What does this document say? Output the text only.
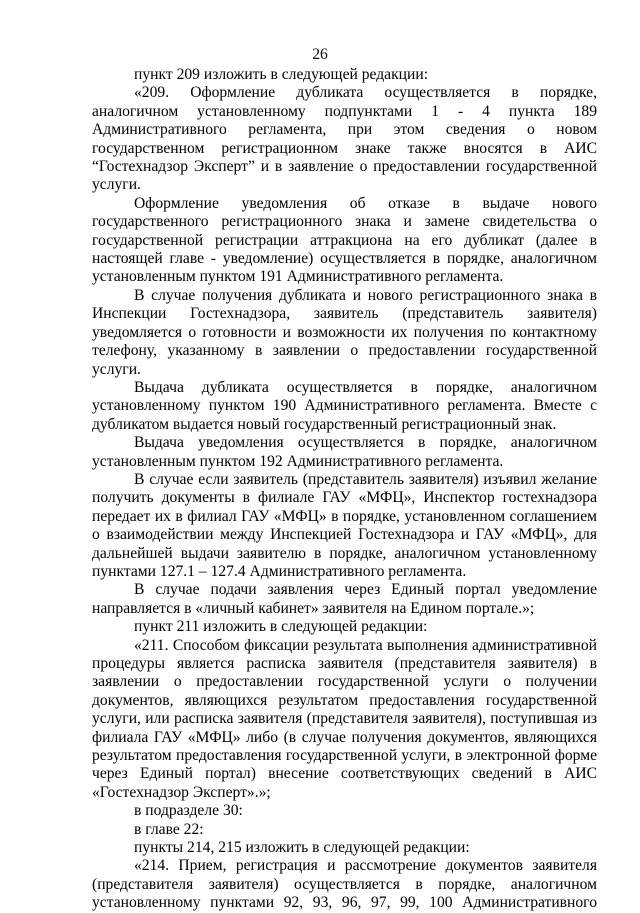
26

пункт 209 изложить в следующей редакции:

«209. Оформление дубликата осуществляется в порядке, аналогичном установленному подпунктами 1 - 4 пункта 189 Административного регламента, при этом сведения о новом государственном регистрационном знаке также вносятся в АИС “Гостехнадзор Эксперт” и в заявление о предоставлении государственной услуги.

Оформление уведомления об отказе в выдаче нового государственного регистрационного знака и замене свидетельства о государственной регистрации аттракциона на его дубликат (далее в настоящей главе - уведомление) осуществляется в порядке, аналогичном установленным пунктом 191 Административного регламента.

В случае получения дубликата и нового регистрационного знака в Инспекции Гостехнадзора, заявитель (представитель заявителя) уведомляется о готовности и возможности их получения по контактному телефону, указанному в заявлении о предоставлении государственной услуги.

Выдача дубликата осуществляется в порядке, аналогичном установленному пунктом 190 Административного регламента. Вместе с дубликатом выдается новый государственный регистрационный знак.

Выдача уведомления осуществляется в порядке, аналогичном установленным пунктом 192 Административного регламента.

В случае если заявитель (представитель заявителя) изъявил желание получить документы в филиале ГАУ «МФЦ», Инспектор гостехнадзора передает их в филиал ГАУ «МФЦ» в порядке, установленном соглашением о взаимодействии между Инспекцией Гостехнадзора и ГАУ «МФЦ», для дальнейшей выдачи заявителю в порядке, аналогичном установленному пунктами 127.1 – 127.4 Административного регламента.

В случае подачи заявления через Единый портал уведомление направляется в «личный кабинет» заявителя на Едином портале.»;

пункт 211 изложить в следующей редакции:

«211. Способом фиксации результата выполнения административной процедуры является расписка заявителя (представителя заявителя) в заявлении о предоставлении государственной услуги о получении документов, являющихся результатом предоставления государственной услуги, или расписка заявителя (представителя заявителя), поступившая из филиала ГАУ «МФЦ» либо (в случае получения документов, являющихся результатом предоставления государственной услуги, в электронной форме через Единый портал) внесение соответствующих сведений в АИС «Гостехнадзор Эксперт».»;

в подразделе 30:

в главе 22:

пункты 214, 215 изложить в следующей редакции:

«214. Прием, регистрация и рассмотрение документов заявителя (представителя заявителя) осуществляется в порядке, аналогичном установленному пунктами 92, 93, 96, 97, 99, 100 Административного
